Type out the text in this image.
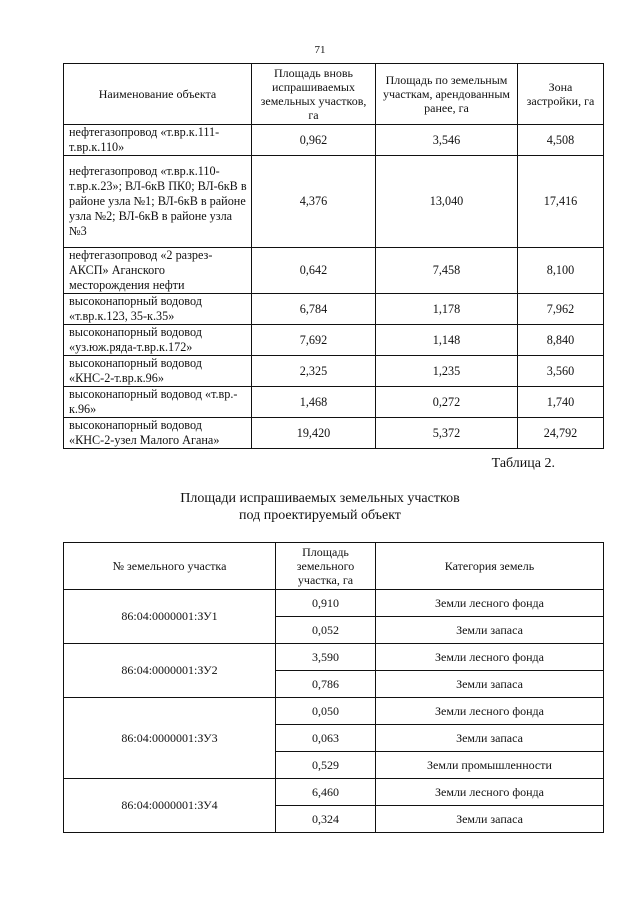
71
Наименование объекта	Площадь вновь испрашиваемых земельных участков, га	Площадь по земельным участкам, арендованным ранее, га	Зона застройки, га
нефтегазопровод «т.вр.к.111-т.вр.к.110»	0,962	3,546	4,508
нефтегазопровод «т.вр.к.110-т.вр.к.23»; ВЛ-6кВ ПК0; ВЛ-6кВ в районе узла №1; ВЛ-6кВ в районе узла №2; ВЛ-6кВ в районе узла №3	4,376	13,040	17,416
нефтегазопровод «2 разрез-АКСП» Аганского месторождения нефти	0,642	7,458	8,100
высоконапорный водовод «т.вр.к.123, 35-к.35»	6,784	1,178	7,962
высоконапорный водовод «уз.юж.ряда-т.вр.к.172»	7,692	1,148	8,840
высоконапорный водовод «КНС-2-т.вр.к.96»	2,325	1,235	3,560
высоконапорный водовод «т.вр.-к.96»	1,468	0,272	1,740
высоконапорный водовод «КНС-2-узел Малого Агана»	19,420	5,372	24,792
Таблица 2.
Площади испрашиваемых земельных участков
под проектируемый объект
№ земельного участка	Площадь земельного участка, га	Категория земель
86:04:0000001:ЗУ1	0,910	Земли лесного фонда
	0,052	Земли запаса
86:04:0000001:ЗУ2	3,590	Земли лесного фонда
	0,786	Земли запаса
86:04:0000001:ЗУ3	0,050	Земли лесного фонда
	0,063	Земли запаса
	0,529	Земли промышленности
86:04:0000001:ЗУ4	6,460	Земли лесного фонда
	0,324	Земли запаса
